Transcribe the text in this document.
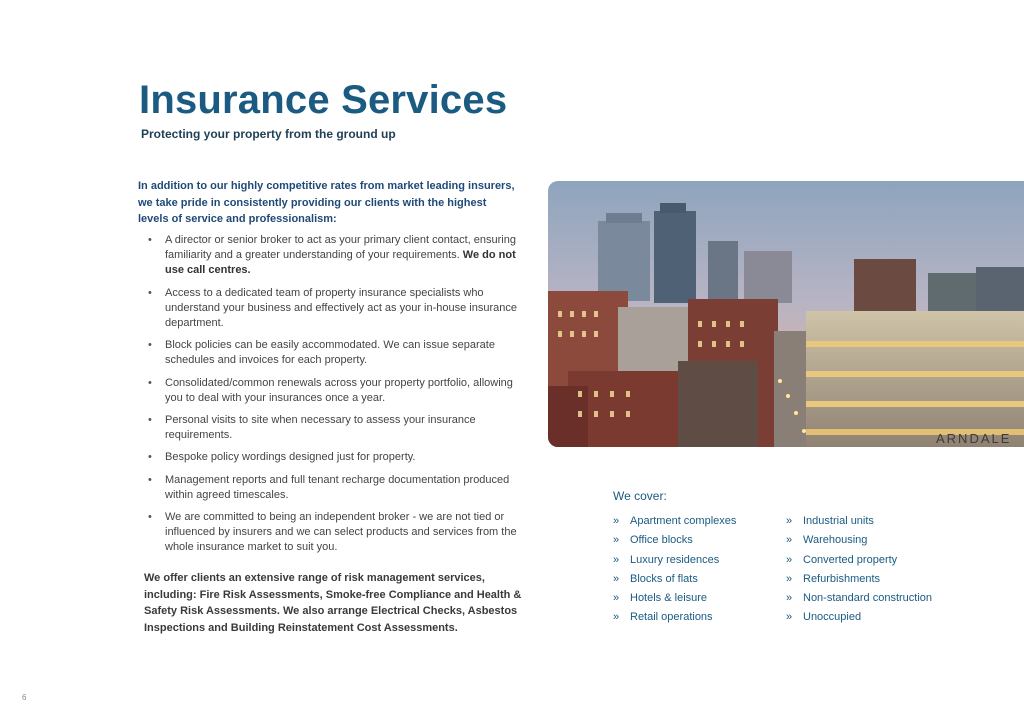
Insurance Services
Protecting your property from the ground up
In addition to our highly competitive rates from market leading insurers, we take pride in consistently providing our clients with the highest levels of service and professionalism:
• A director or senior broker to act as your primary client contact, ensuring familiarity and a greater understanding of your requirements. We do not use call centres.
• Access to a dedicated team of property insurance specialists who understand your business and effectively act as your in-house insurance department.
• Block policies can be easily accommodated. We can issue separate schedules and invoices for each property.
• Consolidated/common renewals across your property portfolio, allowing you to deal with your insurances once a year.
• Personal visits to site when necessary to assess your insurance requirements.
• Bespoke policy wordings designed just for property.
• Management reports and full tenant recharge documentation produced within agreed timescales.
• We are committed to being an independent broker - we are not tied or influenced by insurers and we can select products and services from the whole insurance market to suit you.
We offer clients an extensive range of risk management services, including: Fire Risk Assessments, Smoke-free Compliance and Health & Safety Risk Assessments. We also arrange Electrical Checks, Asbestos Inspections and Building Reinstatement Cost Assessments.
ARNDALE
We cover:
» Apartment complexes
» Office blocks
» Luxury residences
» Blocks of flats
» Hotels & leisure
» Retail operations
» Industrial units
» Warehousing
» Converted property
» Refurbishments
» Non-standard construction
» Unoccupied
6
